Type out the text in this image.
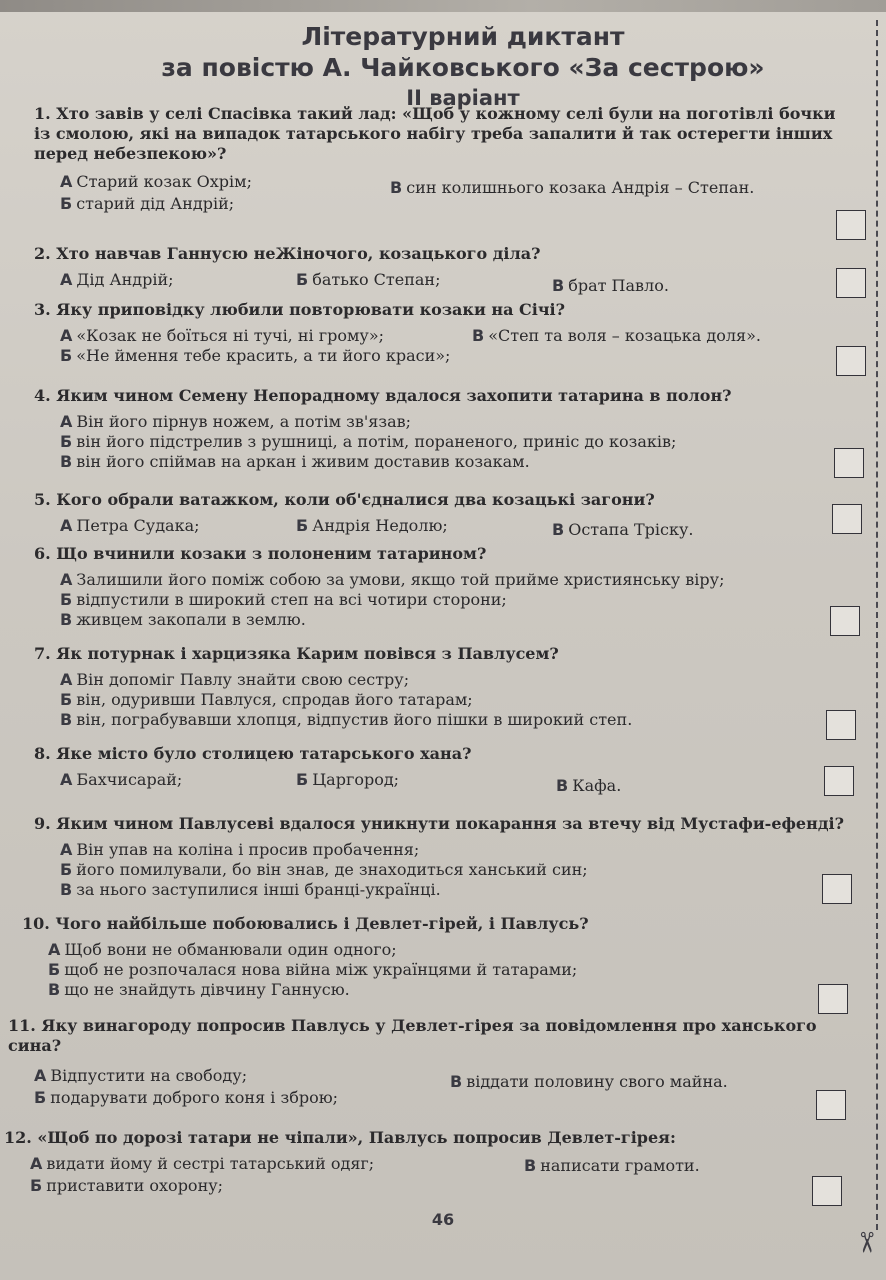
✂
Літературний диктант
за повістю А. Чайковського «За сестрою»
ІІ варіант
1. Хто завів у селі Спасівка такий лад: «Щоб у кожному селі були на поготівлі бочки із смолою, які на випадок татарського набігу треба запалити й так остерегти інших перед небезпекою»?
А Старий козак Охрім;	В син колишнього козака Андрія – Степан.
Б старий дід Андрій;
2. Хто навчав Ганнусю неЖіночого, козацького діла?
А Дід Андрій;	Б батько Степан;	В брат Павло.
3. Яку приповідку любили повторювати козаки на Січі?
А «Козак не боїться ні тучі, ні грому»;	В «Степ та воля – козацька доля».
Б «Не ймення тебе красить, а ти його краси»;
4. Яким чином Семену Непорадному вдалося захопити татарина в полон?
А Він його пірнув ножем, а потім зв'язав;
Б він його підстрелив з рушниці, а потім, пораненого, приніс до козаків;
В він його спіймав на аркан і живим доставив козакам.
5. Кого обрали ватажком, коли об'єдналися два козацькі загони?
А Петра Судака;	Б Андрія Недолю;	В Остапа Тріску.
6. Що вчинили козаки з полоненим татарином?
А Залишили його поміж собою за умови, якщо той прийме християнську віру;
Б відпустили в широкий степ на всі чотири сторони;
В живцем закопали в землю.
7. Як потурнак і харцизяка Карим повівся з Павлусем?
А Він допоміг Павлу знайти свою сестру;
Б він, одуривши Павлуся, спродав його татарам;
В він, пограбувавши хлопця, відпустив його пішки в широкий степ.
8. Яке місто було столицею татарського хана?
А Бахчисарай;	Б Царгород;	В Кафа.
9. Яким чином Павлусеві вдалося уникнути покарання за втечу від Мустафи-ефенді?
А Він упав на коліна і просив пробачення;
Б його помилували, бо він знав, де знаходиться ханський син;
В за нього заступилися інші бранці-українці.
10. Чого найбільше побоювались і Девлет-гірей, і Павлусь?
А Щоб вони не обманювали один одного;
Б щоб не розпочалася нова війна між українцями й татарами;
В що не знайдуть дівчину Ганнусю.
11. Яку винагороду попросив Павлусь у Девлет-гірея за повідомлення про ханського сина?
А Відпустити на свободу;	В віддати половину свого майна.
Б подарувати доброго коня і зброю;
12. «Щоб по дорозі татари не чіпали», Павлусь попросив Девлет-гірея:
А видати йому й сестрі татарський одяг;	В написати грамоти.
Б приставити охорону;
46
